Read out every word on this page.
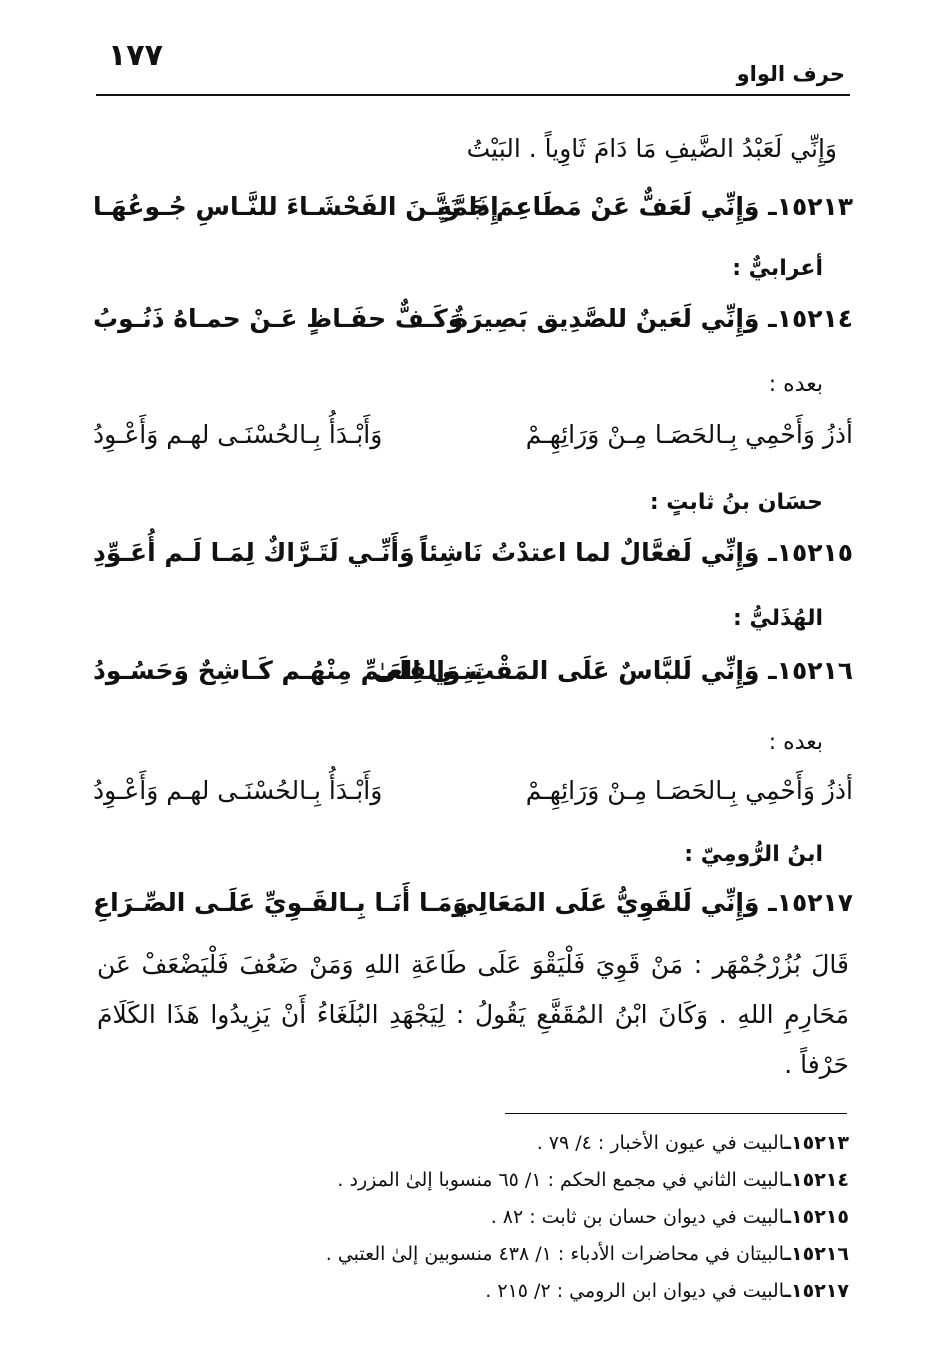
١٧٧
حرف الواو
وَإِنِّي لَعَبْدُ الضَّيفِ مَا دَامَ ثَاوِياً . البَيْتُ
١٥٢١٣ـ وَإِنِّي لَعَفٌّ عَنْ مَطَاعِمَ جَمَّةٍ
إِذَا زَيَّـنَ الفَحْشَـاءَ للنَّـاسِ جُـوعُهَـا
أعرابيٌّ :
١٥٢١٤ـ وَإِنِّي لَعَينٌ للصَّدِيق بَصِيرَةٌ
وَكَـفٌّ حفَـاظٍ عَـنْ حمـاهُ ذَنُـوبُ
بعده :
أذزُ وَأَحْمِي بِـالحَصَـا مِـنْ وَرَائِهِـمْ
وَأَبْـدَأُ بِـالحُسْنَـى لهـم وَأَعْـوِدُ
حسَان بنُ ثابتٍ :
١٥٢١٥ـ وَإِنِّي لَفعَّالٌ لما اعتدْتُ نَاشِئاً
وَأَنِّـي لَتَـرَّاكٌ لِمَـا لَـم أُعَـوِّدِ
الهُذَليُّ :
١٥٢١٦ـ وَإِنِّي لَلبَّاسٌ عَلَى المَقْتِ وَالقِلَىٰ
بَنِـي العَـمِّ مِنْهُـم كَـاشِحٌ وَحَسُـودُ
بعده :
أذزُ وَأَحْمِي بِـالحَصَـا مِـنْ وَرَائِهِـمْ
وَأَبْـدَأُ بِـالحُسْنَـى لهـم وَأَعْـوِدُ
ابنُ الرُّومِيّ :
١٥٢١٧ـ وَإِنِّي لَلقَوِيُّ عَلَى المَعَالِي
وَمَـا أَنَـا بِـالقَـوِيِّ عَلَـى الصِّـرَاعِ
قَالَ بُزُرْجُمْهَر : مَنْ قَوِيَ فَلْيَقْوَ عَلَى طَاعَةِ اللهِ وَمَنْ ضَعُفَ فَلْيَضْعَفْ عَن
مَحَارِمِ اللهِ . وَكَانَ ابْنُ المُقَفَّعِ يَقُولُ : لِيَجْهَدِ البُلَغَاءُ أَنْ يَزِيدُوا هَذَا الكَلَامَ
حَرْفاً .
١٥٢١٣ـالبيت في عيون الأخبار : ٤/ ٧٩ .
١٥٢١٤ـالبيت الثاني في مجمع الحكم : ١/ ٦٥ منسوبا إلىٰ المزرد .
١٥٢١٥ـالبيت في ديوان حسان بن ثابت : ٨٢ .
١٥٢١٦ـالبيتان في محاضرات الأدباء : ١/ ٤٣٨ منسوبين إلىٰ العتبي .
١٥٢١٧ـالبيت في ديوان ابن الرومي : ٢/ ٢١٥ .
